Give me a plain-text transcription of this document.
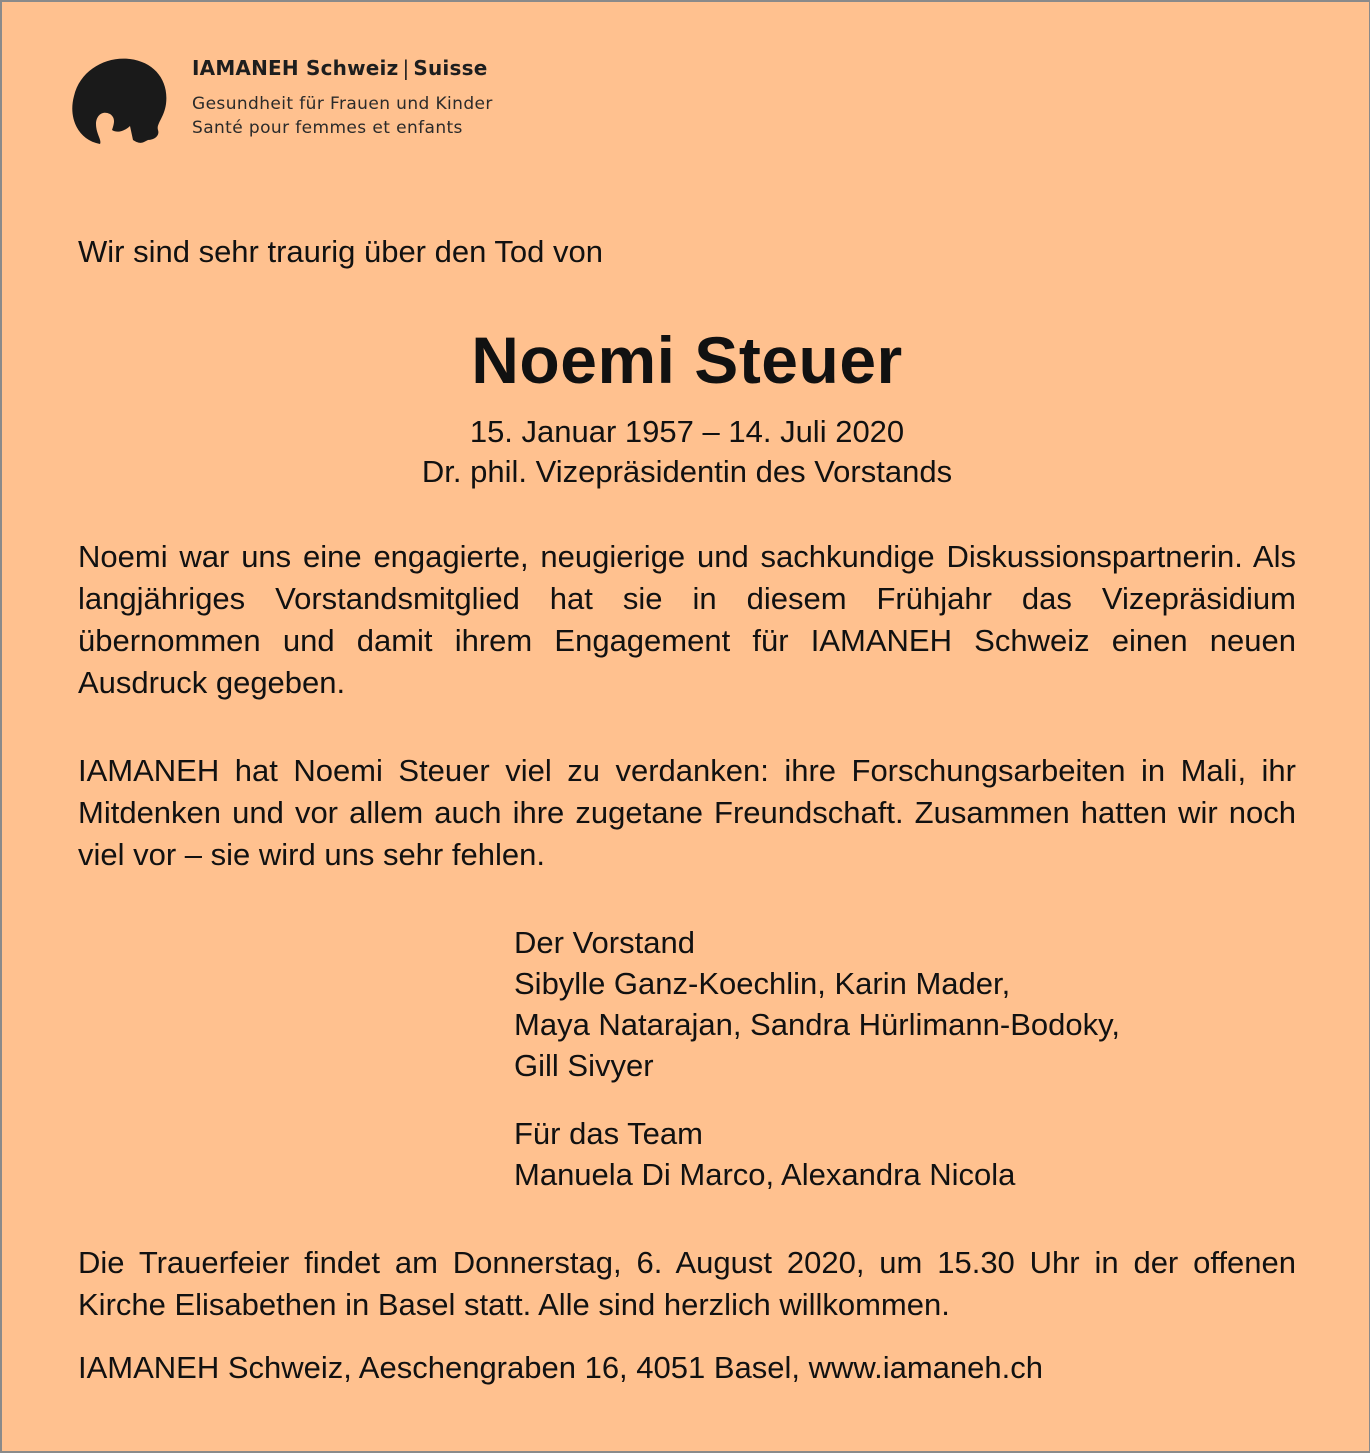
IAMANEH Schweiz | Suisse
Gesundheit für Frauen und Kinder
Santé pour femmes et enfants
Wir sind sehr traurig über den Tod von
Noemi Steuer
15. Januar 1957 – 14. Juli 2020
Dr. phil. Vizepräsidentin des Vorstands
Noemi war uns eine engagierte, neugierige und sachkundige Diskussionspartnerin. Als langjähriges Vorstandsmitglied hat sie in diesem Frühjahr das Vizepräsidium übernommen und damit ihrem Engagement für IAMANEH Schweiz einen neuen Ausdruck gegeben.
IAMANEH hat Noemi Steuer viel zu verdanken: ihre Forschungsarbeiten in Mali, ihr Mitdenken und vor allem auch ihre zugetane Freundschaft. Zusammen hatten wir noch viel vor – sie wird uns sehr fehlen.
Der Vorstand
Sibylle Ganz-Koechlin, Karin Mader,
Maya Natarajan, Sandra Hürlimann-Bodoky,
Gill Sivyer
Für das Team
Manuela Di Marco, Alexandra Nicola
Die Trauerfeier findet am Donnerstag, 6. August 2020, um 15.30 Uhr in der offenen Kirche Elisabethen in Basel statt. Alle sind herzlich willkommen.
IAMANEH Schweiz, Aeschengraben 16, 4051 Basel, www.iamaneh.ch
